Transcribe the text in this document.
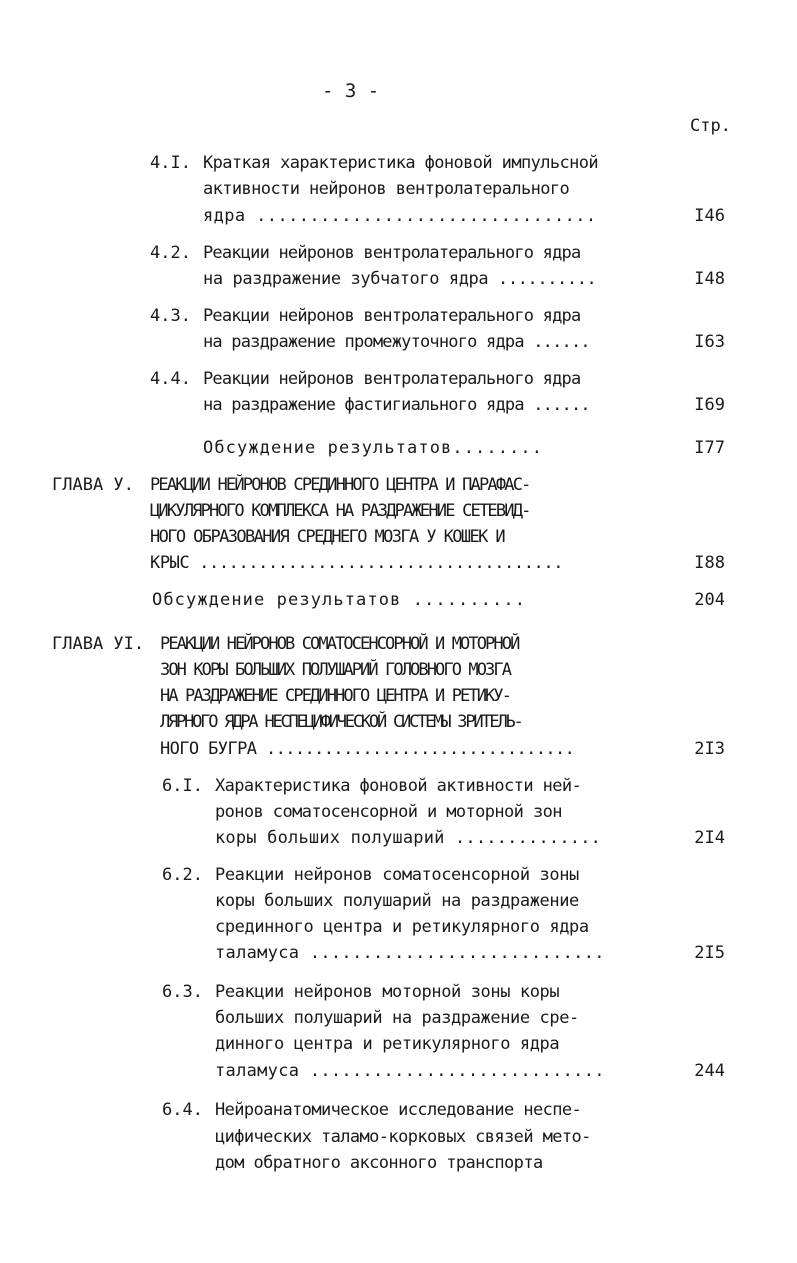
- 3 -
Стр.
4.I. Краткая характеристика фоновой импульсной
активности нейронов вентролатерального
ядра ................................	I46
4.2. Реакции нейронов вентролатерального ядра
на раздражение зубчатого ядра ..........	I48
4.3. Реакции нейронов вентролатерального ядра
на раздражение промежуточного ядра ......	I63
4.4. Реакции нейронов вентролатерального ядра
на раздражение фастигиального ядра ......	I69
Обсуждение результатов........	I77
ГЛАВА У. РЕАКЦИИ НЕЙРОНОВ СРЕДИННОГО ЦЕНТРА И ПАРАФАС-
ЦИКУЛЯРНОГО КОМПЛЕКСА НА РАЗДРАЖЕНИЕ СЕТЕВИД-
НОГО ОБРАЗОВАНИЯ СРЕДНЕГО МОЗГА У КОШЕК И
КРЫС .....................................	I88
Обсуждение результатов ..........	204
ГЛАВА УI. РЕАКЦИИ НЕЙРОНОВ СОМАТОСЕНСОРНОЙ И МОТОРНОЙ
ЗОН КОРЫ БОЛЬШИХ ПОЛУШАРИЙ ГОЛОВНОГО МОЗГА
НА РАЗДРАЖЕНИЕ СРЕДИННОГО ЦЕНТРА И РЕТИКУ-
ЛЯРНОГО ЯДРА НЕСПЕЦИФИЧЕСКОЙ СИСТЕМЫ ЗРИТЕЛЬ-
НОГО БУГРА ................................	2I3
6.I. Характеристика фоновой активности ней-
ронов соматосенсорной и моторной зон
коры больших полушарий ..............	2I4
6.2. Реакции нейронов соматосенсорной зоны
коры больших полушарий на раздражение
срединного центра и ретикулярного ядра
таламуса ............................	2I5
6.3. Реакции нейронов моторной зоны коры
больших полушарий на раздражение сре-
динного центра и ретикулярного ядра
таламуса ............................	244
6.4. Нейроанатомическое исследование неспе-
цифических таламо-корковых связей мето-
дом обратного аксонного транспорта
